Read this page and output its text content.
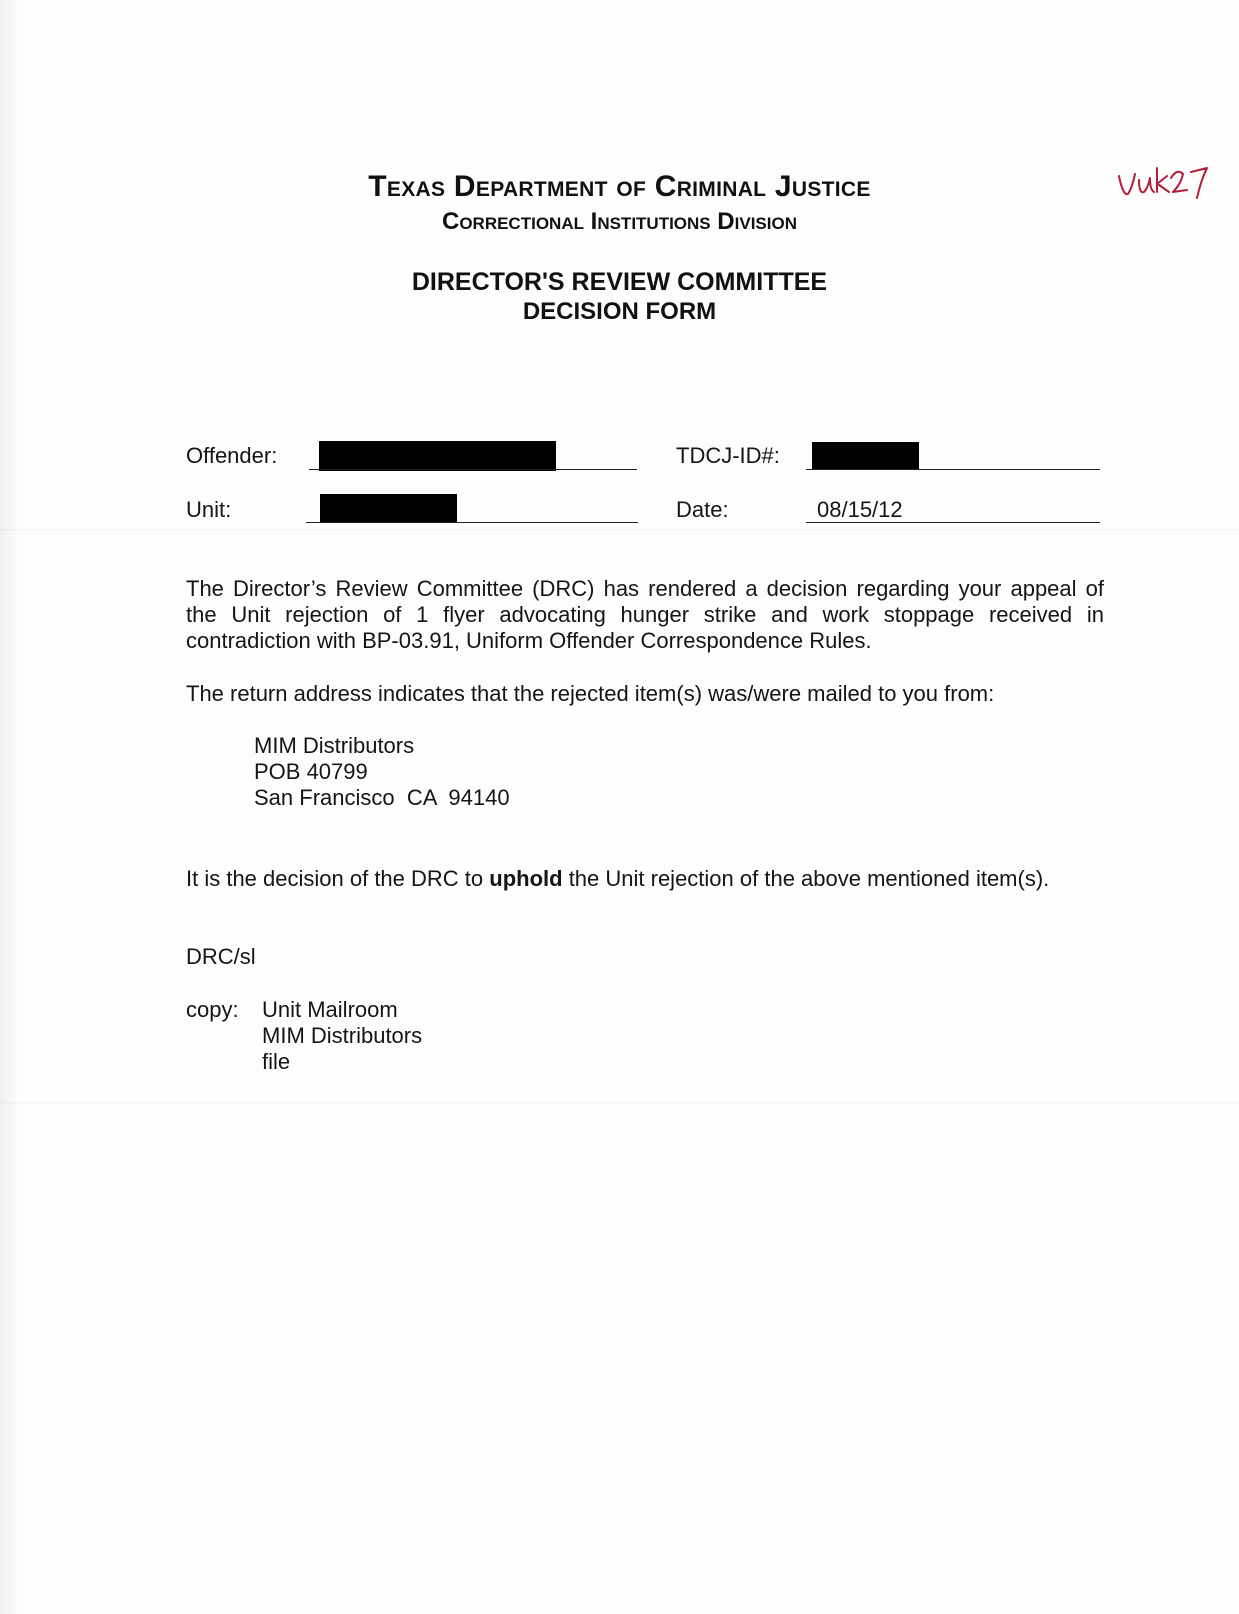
Texas Department of Criminal Justice
Correctional Institutions Division
DIRECTOR'S REVIEW COMMITTEE
DECISION FORM
Offender:	TDCJ-ID#:
Unit:	Date:	08/15/12
The Director’s Review Committee (DRC) has rendered a decision regarding your appeal of the Unit rejection of 1 flyer advocating hunger strike and work stoppage received in contradiction with BP-03.91, Uniform Offender Correspondence Rules.
The return address indicates that the rejected item(s) was/were mailed to you from:
MIM Distributors
POB 40799
San Francisco  CA  94140
It is the decision of the DRC to uphold the Unit rejection of the above mentioned item(s).
DRC/sl
copy: Unit Mailroom
MIM Distributors
file
